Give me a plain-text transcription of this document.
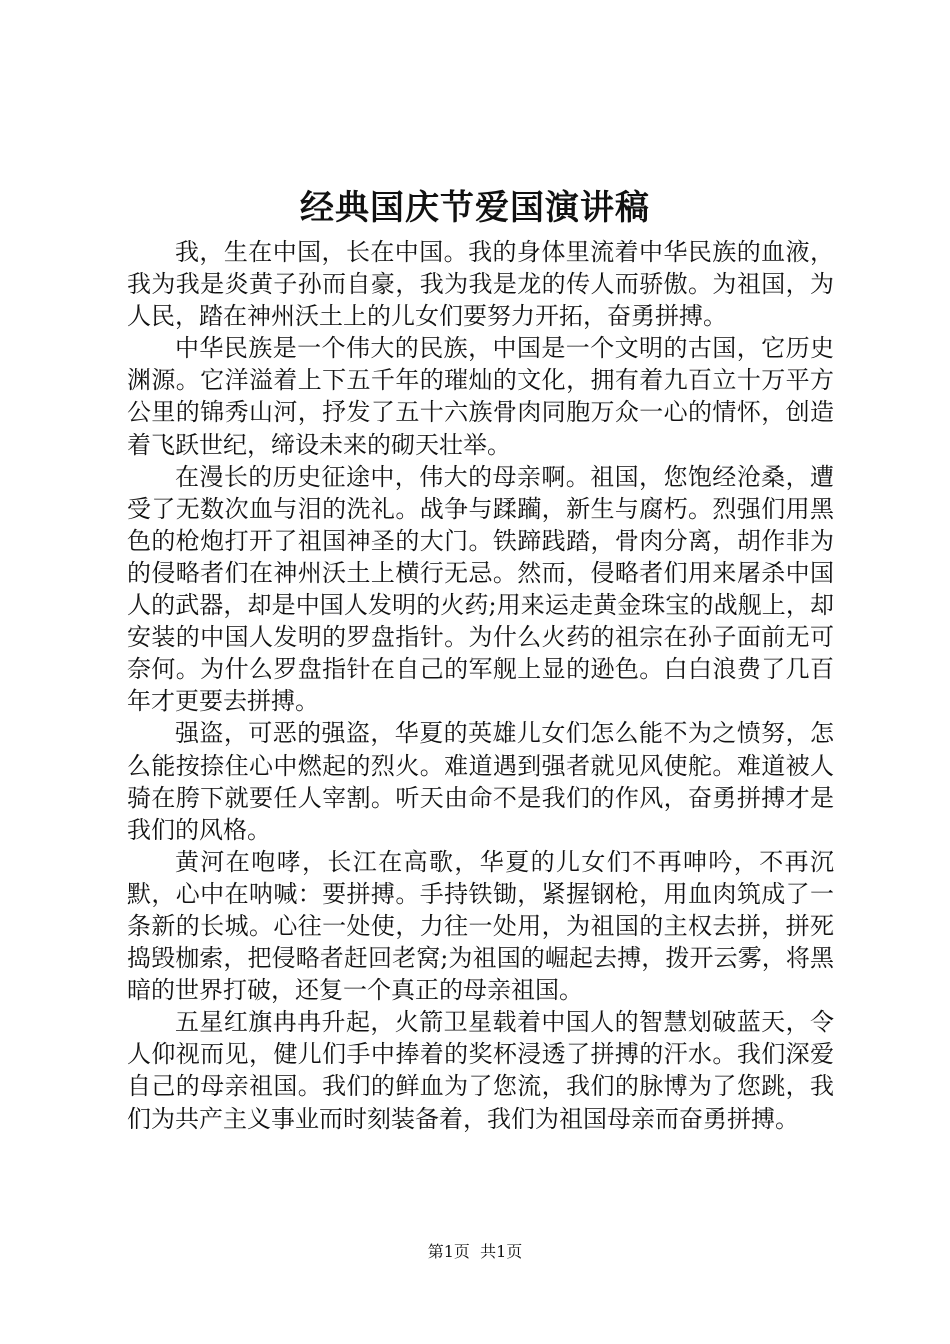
经典国庆节爱国演讲稿

我，生在中国，长在中国。我的身体里流着中华民族的血液，我为我是炎黄子孙而自豪，我为我是龙的传人而骄傲。为祖国，为人民，踏在神州沃土上的儿女们要努力开拓，奋勇拼搏。

中华民族是一个伟大的民族，中国是一个文明的古国，它历史渊源。它洋溢着上下五千年的璀灿的文化，拥有着九百立十万平方公里的锦秀山河，抒发了五十六族骨肉同胞万众一心的情怀，创造着飞跃世纪，缔设未来的砌天壮举。

在漫长的历史征途中，伟大的母亲啊。祖国，您饱经沧桑，遭受了无数次血与泪的洗礼。战争与蹂躏，新生与腐朽。烈强们用黑色的枪炮打开了祖国神圣的大门。铁蹄践踏，骨肉分离，胡作非为的侵略者们在神州沃土上横行无忌。然而，侵略者们用来屠杀中国人的武器，却是中国人发明的火药;用来运走黄金珠宝的战舰上，却安装的中国人发明的罗盘指针。为什么火药的祖宗在孙子面前无可奈何。为什么罗盘指针在自己的军舰上显的逊色。白白浪费了几百年才更要去拼搏。

强盗，可恶的强盗，华夏的英雄儿女们怎么能不为之愤努，怎么能按捺住心中燃起的烈火。难道遇到强者就见风使舵。难道被人骑在胯下就要任人宰割。听天由命不是我们的作风，奋勇拼搏才是我们的风格。

黄河在咆哮，长江在高歌，华夏的儿女们不再呻吟，不再沉默，心中在呐喊：要拼搏。手持铁锄，紧握钢枪，用血肉筑成了一条新的长城。心往一处使，力往一处用，为祖国的主权去拼，拼死捣毁枷索，把侵略者赶回老窝;为祖国的崛起去搏，拨开云雾，将黑暗的世界打破，还复一个真正的母亲祖国。

五星红旗冉冉升起，火箭卫星载着中国人的智慧划破蓝天，令人仰视而见，健儿们手中捧着的奖杯浸透了拼搏的汗水。我们深爱自己的母亲祖国。我们的鲜血为了您流，我们的脉博为了您跳，我们为共产主义事业而时刻装备着，我们为祖国母亲而奋勇拼搏。

第1页  共1页
